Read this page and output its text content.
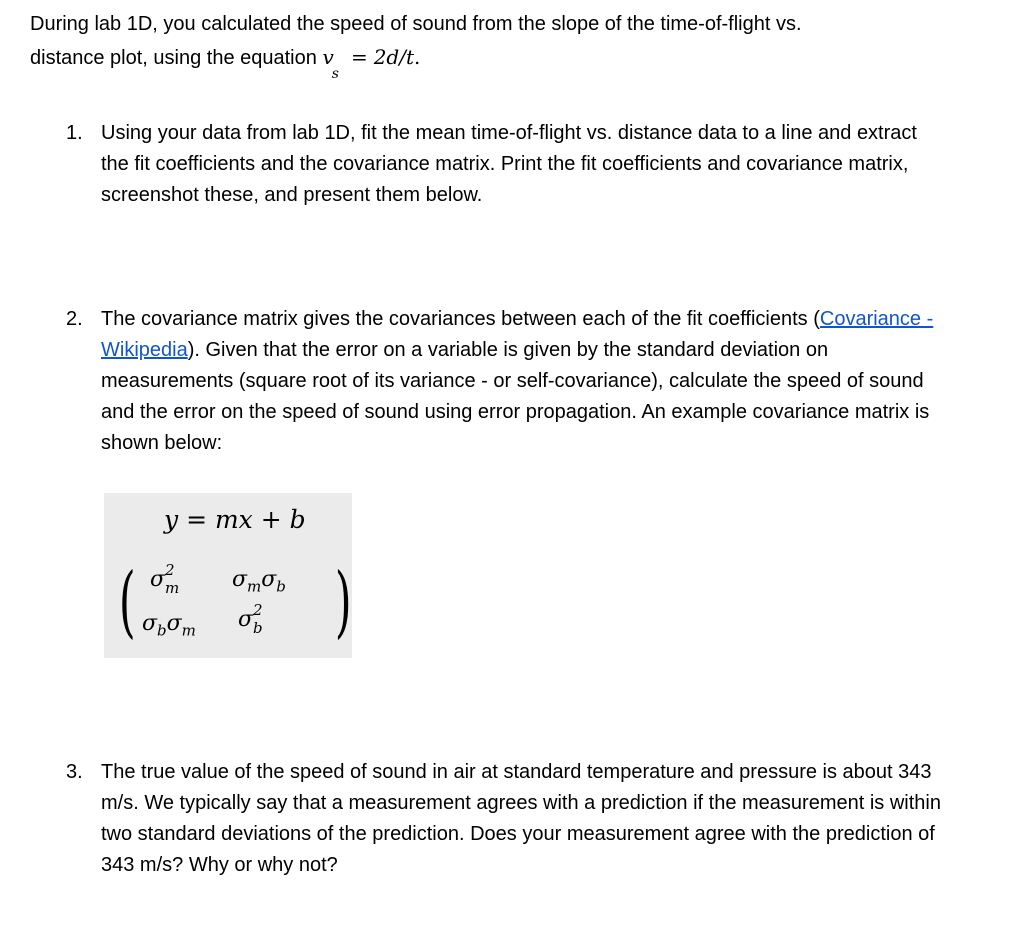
During lab 1D, you calculated the speed of sound from the slope of the time-of-flight vs.
distance plot, using the equation $v_s= 2d/t$.
1. Using your data from lab 1D, fit the mean time-of-flight vs. distance data to a line and extract the fit coefficients and the covariance matrix. Print the fit coefficients and covariance matrix, screenshot these, and present them below.
2. The covariance matrix gives the covariances between each of the fit coefficients (Covariance - Wikipedia). Given that the error on a variable is given by the standard deviation on measurements (square root of its variance - or self-covariance), calculate the speed of sound and the error on the speed of sound using error propagation. An example covariance matrix is shown below:
y = mx + b
(	)
σ 2
m $\sigma_m\sigma_b$
$\sigma_b\sigma_m$ σ 2
b
3. The true value of the speed of sound in air at standard temperature and pressure is about 343 m/s. We typically say that a measurement agrees with a prediction if the measurement is within two standard deviations of the prediction. Does your measurement agree with the prediction of 343 m/s? Why or why not?
